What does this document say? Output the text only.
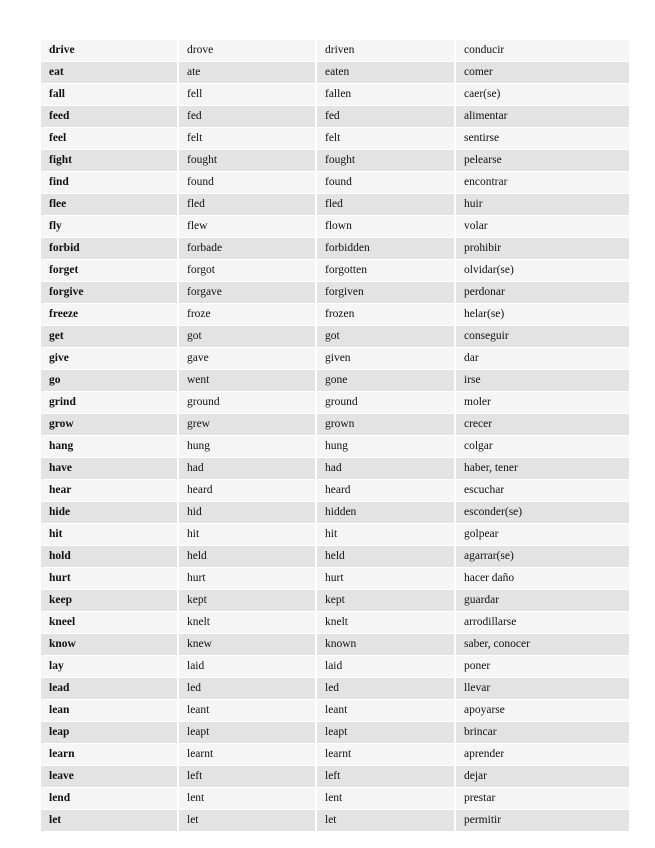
drive	drove	driven	conducir
eat	ate	eaten	comer
fall	fell	fallen	caer(se)
feed	fed	fed	alimentar
feel	felt	felt	sentirse
fight	fought	fought	pelearse
find	found	found	encontrar
flee	fled	fled	huir
fly	flew	flown	volar
forbid	forbade	forbidden	prohibir
forget	forgot	forgotten	olvidar(se)
forgive	forgave	forgiven	perdonar
freeze	froze	frozen	helar(se)
get	got	got	conseguir
give	gave	given	dar
go	went	gone	irse
grind	ground	ground	moler
grow	grew	grown	crecer
hang	hung	hung	colgar
have	had	had	haber, tener
hear	heard	heard	escuchar
hide	hid	hidden	esconder(se)
hit	hit	hit	golpear
hold	held	held	agarrar(se)
hurt	hurt	hurt	hacer daño
keep	kept	kept	guardar
kneel	knelt	knelt	arrodillarse
know	knew	known	saber, conocer
lay	laid	laid	poner
lead	led	led	llevar
lean	leant	leant	apoyarse
leap	leapt	leapt	brincar
learn	learnt	learnt	aprender
leave	left	left	dejar
lend	lent	lent	prestar
let	let	let	permitir
